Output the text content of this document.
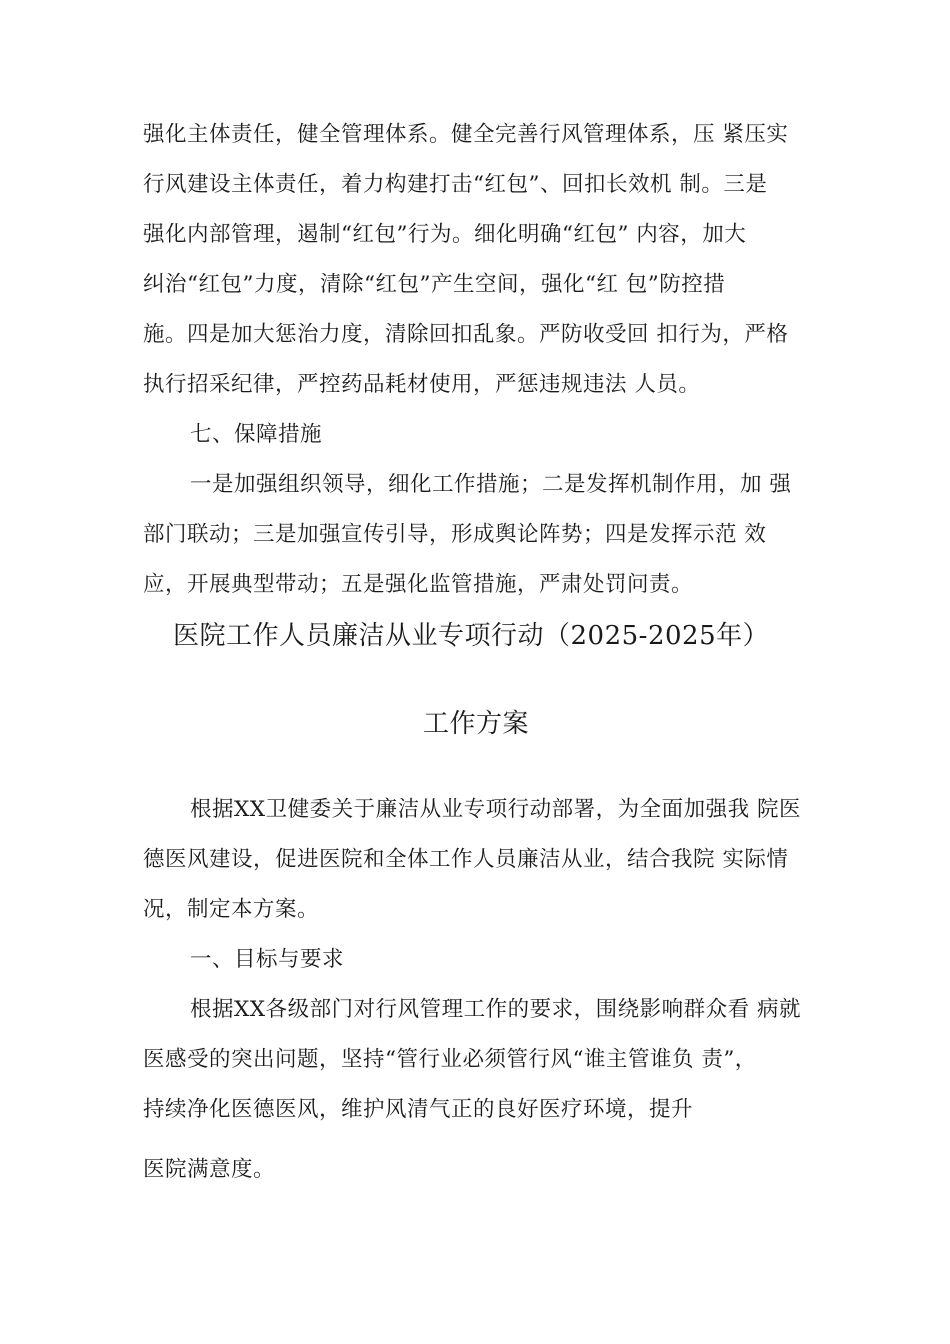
强化主体责任，健全管理体系。健全完善行风管理体系，压 紧压实
行风建设主体责任，着力构建打击“红包”、回扣长效机 制。三是
强化内部管理，遏制“红包”行为。细化明确“红包” 内容，加大
纠治“红包”力度，清除“红包”产生空间，强化“红 包”防控措
施。四是加大惩治力度，清除回扣乱象。严防收受回 扣行为，严格
执行招采纪律，严控药品耗材使用，严惩违规违法 人员。
七、保障措施
一是加强组织领导，细化工作措施；二是发挥机制作用，加 强
部门联动；三是加强宣传引导，形成舆论阵势；四是发挥示范 效
应，开展典型带动；五是强化监管措施，严肃处罚问责。
医院工作人员廉洁从业专项行动（2025-2025年）
工作方案
根据XX卫健委关于廉洁从业专项行动部署，为全面加强我 院医
德医风建设，促进医院和全体工作人员廉洁从业，结合我院 实际情
况，制定本方案。
一、目标与要求
根据XX各级部门对行风管理工作的要求，围绕影响群众看 病就
医感受的突出问题，坚持“管行业必须管行风“谁主管谁负 责”，
持续净化医德医风，维护风清气正的良好医疗环境，提升
医院满意度。
